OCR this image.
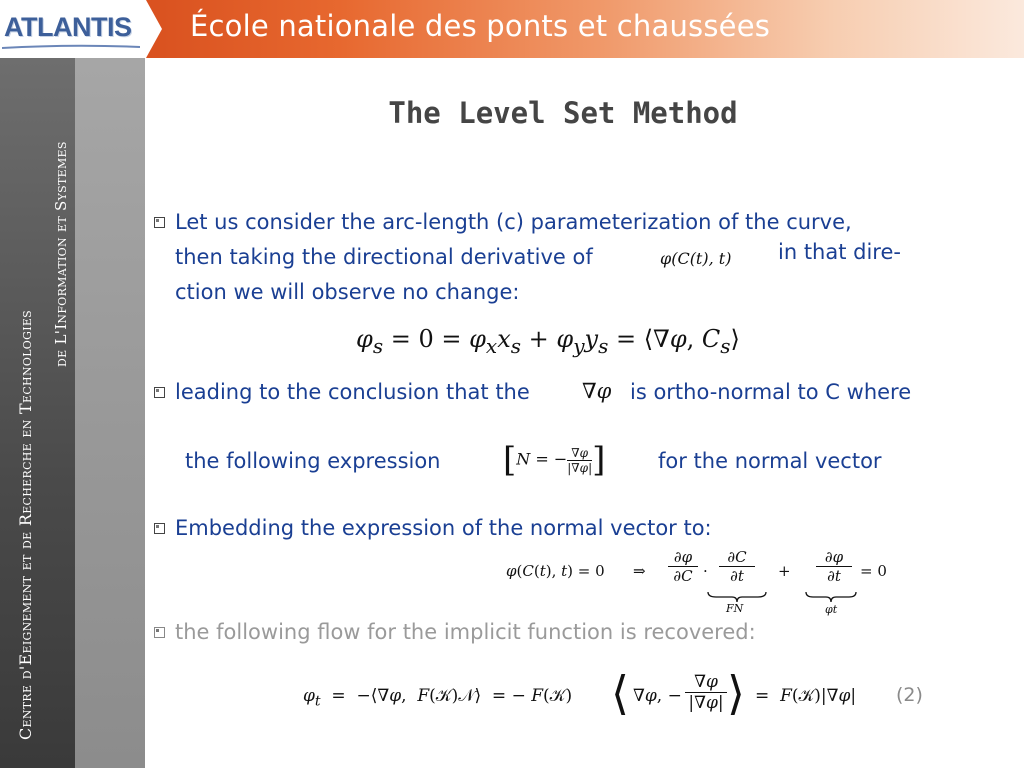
ATLANTIS École nationale des ponts et chaussées
Centre d'Eeignement et de Recherche en Technologies
de L'Information et Systemes
The Level Set Method
Let us consider the arc-length (c) parameterization of the curve,
then taking the directional derivative of
ction we will observe no change:
φ(C(t), t) in that dire-
$\varphi_s = 0 = \varphi_xx_s + \varphi_yy_s$ = ⟨∇φ, $C_s⟩$
leading to the conclusion that the	∇φ is ortho-normal to C where
the following expression [N = − $\frac{\nabla\varphi}{|\nabla\varphi|}$ ]	for the normal vector
Embedding the expression of the normal vector to:
φ(C(t), t) = 0 ⇒
∂φ
∂C ·
∂C
∂t	+
∂φ
∂t	= 0
FN	φt
the following flow for the implicit function is recovered:
$\varphi_t$  =  −⟨∇φ,  F(𝒦)𝒩⟩  = − F(𝒦) ⟨ ∇φ, −
∇φ
|∇φ| ⟩ =  F(𝒦)|∇φ| (2)
